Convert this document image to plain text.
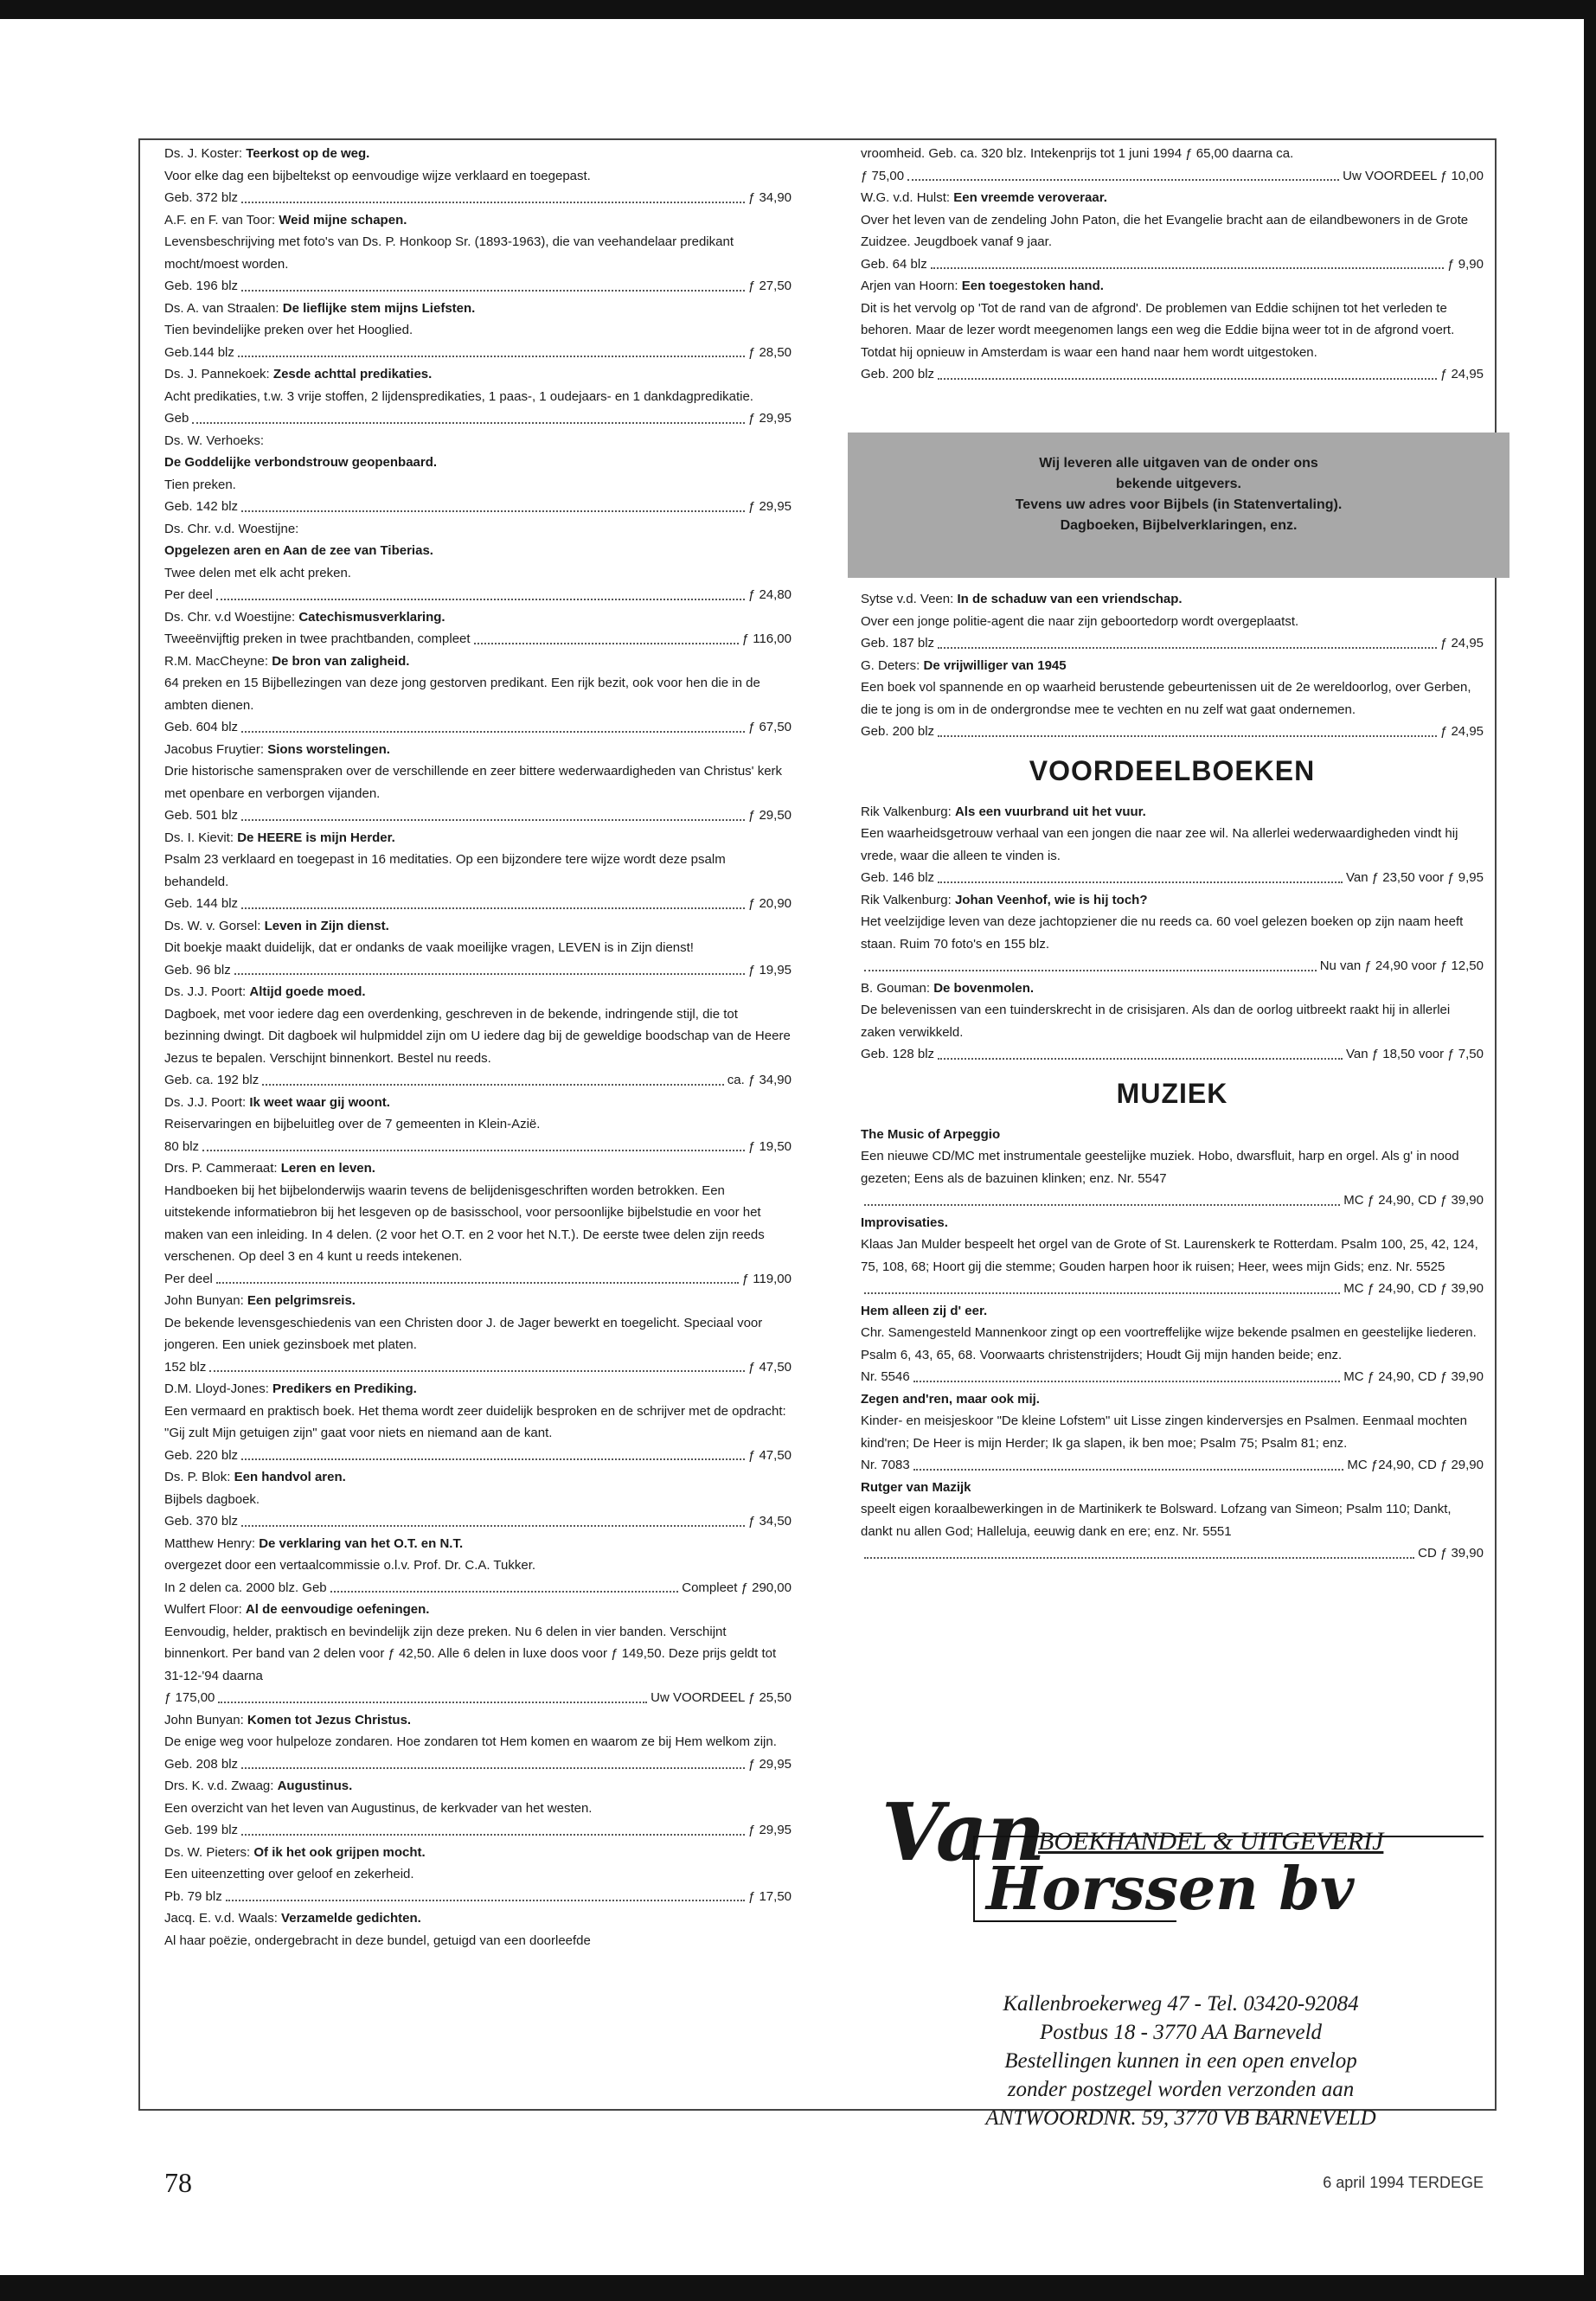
Ds. J. Koster: Teerkost op de weg.
Voor elke dag een bijbeltekst op eenvoudige wijze verklaard en toegepast.
Geb. 372 blz	ƒ 34,90
A.F. en F. van Toor: Weid mijne schapen.
Levensbeschrijving met foto's van Ds. P. Honkoop Sr. (1893-1963), die van veehandelaar predikant mocht/moest worden.
Geb. 196 blz	ƒ 27,50
Ds. A. van Straalen: De lieflijke stem mijns Liefsten.
Tien bevindelijke preken over het Hooglied.
Geb.144 blz	ƒ 28,50
Ds. J. Pannekoek: Zesde achttal predikaties.
Acht predikaties, t.w. 3 vrije stoffen, 2 lijdenspredikaties, 1 paas-, 1 oudejaars- en 1 dankdagpredikatie.
Geb	ƒ 29,95
Ds. W. Verhoeks:
De Goddelijke verbondstrouw geopenbaard.
Tien preken.
Geb. 142 blz	ƒ 29,95
Ds. Chr. v.d. Woestijne:
Opgelezen aren en Aan de zee van Tiberias.
Twee delen met elk acht preken.
Per deel	ƒ 24,80
Ds. Chr. v.d Woestijne: Catechismusverklaring.
Tweeënvijftig preken in twee prachtbanden, compleet	ƒ 116,00
R.M. MacCheyne: De bron van zaligheid.
64 preken en 15 Bijbellezingen van deze jong gestorven predikant. Een rijk bezit, ook voor hen die in de ambten dienen.
Geb. 604 blz	ƒ 67,50
Jacobus Fruytier: Sions worstelingen.
Drie historische samenspraken over de verschillende en zeer bittere wederwaardigheden van Christus' kerk met openbare en verborgen vijanden.
Geb. 501 blz	ƒ 29,50
Ds. I. Kievit: De HEERE is mijn Herder.
Psalm 23 verklaard en toegepast in 16 meditaties. Op een bijzondere tere wijze wordt deze psalm behandeld.
Geb. 144 blz	ƒ 20,90
Ds. W. v. Gorsel: Leven in Zijn dienst.
Dit boekje maakt duidelijk, dat er ondanks de vaak moeilijke vragen, LEVEN is in Zijn dienst!
Geb. 96 blz	ƒ 19,95
Ds. J.J. Poort: Altijd goede moed.
Dagboek, met voor iedere dag een overdenking, geschreven in de bekende, indringende stijl, die tot bezinning dwingt. Dit dagboek wil hulpmiddel zijn om U iedere dag bij de geweldige boodschap van de Heere Jezus te bepalen. Verschijnt binnenkort. Bestel nu reeds.
Geb. ca. 192 blz	ca. ƒ 34,90
Ds. J.J. Poort: Ik weet waar gij woont.
Reiservaringen en bijbeluitleg over de 7 gemeenten in Klein-Azië.
80 blz	ƒ 19,50
Drs. P. Cammeraat: Leren en leven.
Handboeken bij het bijbelonderwijs waarin tevens de belijdenisgeschriften worden betrokken. Een uitstekende informatiebron bij het lesgeven op de basisschool, voor persoonlijke bijbelstudie en voor het maken van een inleiding. In 4 delen. (2 voor het O.T. en 2 voor het N.T.). De eerste twee delen zijn reeds verschenen. Op deel 3 en 4 kunt u reeds intekenen.
Per deel	ƒ 119,00
John Bunyan: Een pelgrimsreis.
De bekende levensgeschiedenis van een Christen door J. de Jager bewerkt en toegelicht. Speciaal voor jongeren. Een uniek gezinsboek met platen.
152 blz	ƒ 47,50
D.M. Lloyd-Jones: Predikers en Prediking.
Een vermaard en praktisch boek. Het thema wordt zeer duidelijk besproken en de schrijver met de opdracht: "Gij zult Mijn getuigen zijn" gaat voor niets en niemand aan de kant.
Geb. 220 blz	ƒ 47,50
Ds. P. Blok: Een handvol aren.
Bijbels dagboek.
Geb. 370 blz	ƒ 34,50
Matthew Henry: De verklaring van het O.T. en N.T.
overgezet door een vertaalcommissie o.l.v. Prof. Dr. C.A. Tukker.
In 2 delen ca. 2000 blz. Geb	Compleet ƒ 290,00
Wulfert Floor: Al de eenvoudige oefeningen.
Eenvoudig, helder, praktisch en bevindelijk zijn deze preken. Nu 6 delen in vier banden. Verschijnt binnenkort. Per band van 2 delen voor ƒ 42,50. Alle 6 delen in luxe doos voor ƒ 149,50. Deze prijs geldt tot 31-12-'94 daarna
ƒ 175,00	Uw VOORDEEL ƒ 25,50
John Bunyan: Komen tot Jezus Christus.
De enige weg voor hulpeloze zondaren. Hoe zondaren tot Hem komen en waarom ze bij Hem welkom zijn.
Geb. 208 blz	ƒ 29,95
Drs. K. v.d. Zwaag: Augustinus.
Een overzicht van het leven van Augustinus, de kerkvader van het westen.
Geb. 199 blz	ƒ 29,95
Ds. W. Pieters: Of ik het ook grijpen mocht.
Een uiteenzetting over geloof en zekerheid.
Pb. 79 blz	ƒ 17,50
Jacq. E. v.d. Waals: Verzamelde gedichten.
Al haar poëzie, ondergebracht in deze bundel, getuigd van een doorleefde
vroomheid. Geb. ca. 320 blz. Intekenprijs tot 1 juni 1994 ƒ 65,00 daarna ca.
ƒ 75,00	Uw VOORDEEL ƒ 10,00
W.G. v.d. Hulst: Een vreemde veroveraar.
Over het leven van de zendeling John Paton, die het Evangelie bracht aan de eilandbewoners in de Grote Zuidzee. Jeugdboek vanaf 9 jaar.
Geb. 64 blz	ƒ 9,90
Arjen van Hoorn: Een toegestoken hand.
Dit is het vervolg op 'Tot de rand van de afgrond'. De problemen van Eddie schijnen tot het verleden te behoren. Maar de lezer wordt meegenomen langs een weg die Eddie bijna weer tot in de afgrond voert. Totdat hij opnieuw in Amsterdam is waar een hand naar hem wordt uitgestoken.
Geb. 200 blz	ƒ 24,95
Wij leveren alle uitgaven van de onder ons
bekende uitgevers.
Tevens uw adres voor Bijbels (in Statenvertaling).
Dagboeken, Bijbelverklaringen, enz.
Sytse v.d. Veen: In de schaduw van een vriendschap.
Over een jonge politie-agent die naar zijn geboortedorp wordt overgeplaatst.
Geb. 187 blz	ƒ 24,95
G. Deters: De vrijwilliger van 1945
Een boek vol spannende en op waarheid berustende gebeurtenissen uit de 2e wereldoorlog, over Gerben, die te jong is om in de ondergrondse mee te vechten en nu zelf wat gaat ondernemen.
Geb. 200 blz	ƒ 24,95
VOORDEELBOEKEN
Rik Valkenburg: Als een vuurbrand uit het vuur.
Een waarheidsgetrouw verhaal van een jongen die naar zee wil. Na allerlei wederwaardigheden vindt hij vrede, waar die alleen te vinden is.
Geb. 146 blz	Van ƒ 23,50 voor ƒ 9,95
Rik Valkenburg: Johan Veenhof, wie is hij toch?
Het veelzijdige leven van deze jachtopziener die nu reeds ca. 60 voel gelezen boeken op zijn naam heeft staan. Ruim 70 foto's en 155 blz.
Nu van ƒ 24,90 voor ƒ 12,50
B. Gouman: De bovenmolen.
De belevenissen van een tuinderskrecht in de crisisjaren. Als dan de oorlog uitbreekt raakt hij in allerlei zaken verwikkeld.
Geb. 128 blz	Van ƒ 18,50 voor ƒ 7,50
MUZIEK
The Music of Arpeggio
Een nieuwe CD/MC met instrumentale geestelijke muziek. Hobo, dwarsfluit, harp en orgel. Als g' in nood gezeten; Eens als de bazuinen klinken; enz. Nr. 5547
MC ƒ 24,90, CD ƒ 39,90
Improvisaties.
Klaas Jan Mulder bespeelt het orgel van de Grote of St. Laurenskerk te Rotterdam. Psalm 100, 25, 42, 124, 75, 108, 68; Hoort gij die stemme; Gouden harpen hoor ik ruisen; Heer, wees mijn Gids; enz. Nr. 5525
MC ƒ 24,90, CD ƒ 39,90
Hem alleen zij d' eer.
Chr. Samengesteld Mannenkoor zingt op een voortreffelijke wijze bekende psalmen en geestelijke liederen. Psalm 6, 43, 65, 68. Voorwaarts christenstrijders; Houdt Gij mijn handen beide; enz.
Nr. 5546	MC ƒ 24,90, CD ƒ 39,90
Zegen and'ren, maar ook mij.
Kinder- en meisjeskoor "De kleine Lofstem" uit Lisse zingen kinderversjes en Psalmen. Eenmaal mochten kind'ren; De Heer is mijn Herder; Ik ga slapen, ik ben moe; Psalm 75; Psalm 81; enz.
Nr. 7083	MC ƒ24,90, CD ƒ 29,90
Rutger van Mazijk
speelt eigen koraalbewerkingen in de Martinikerk te Bolsward. Lofzang van Simeon; Psalm 110; Dankt, dankt nu allen God; Halleluja, eeuwig dank en ere; enz. Nr. 5551
CD ƒ 39,90
Van
BOEKHANDEL & UITGEVERIJ
Horssen bv
Kallenbroekerweg 47 - Tel. 03420-92084
Postbus 18 - 3770 AA Barneveld
Bestellingen kunnen in een open envelop
zonder postzegel worden verzonden aan
ANTWOORDNR. 59, 3770 VB BARNEVELD
78	6 april 1994 TERDEGE
